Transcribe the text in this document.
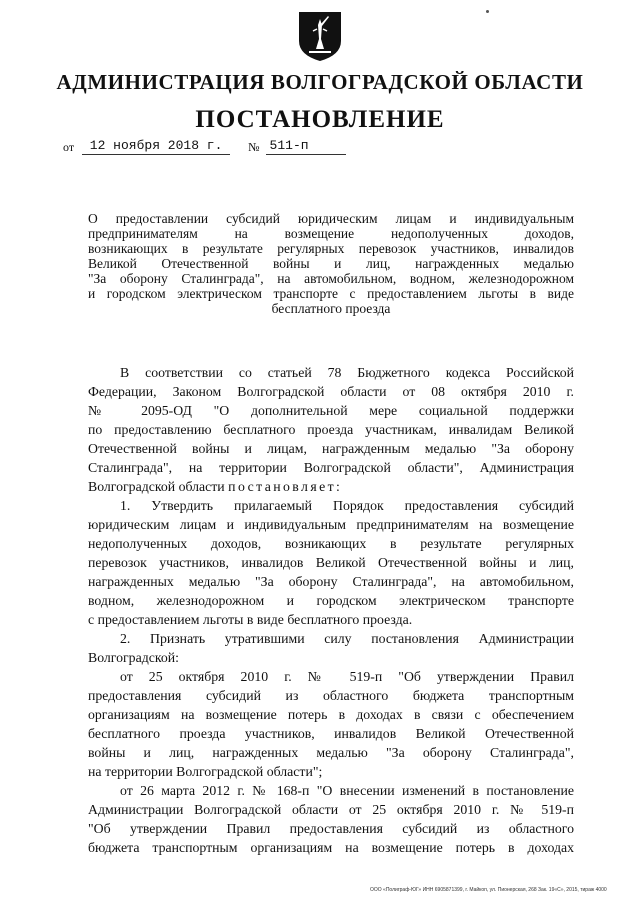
АДМИНИСТРАЦИЯ ВОЛГОГРАДСКОЙ ОБЛАСТИ
ПОСТАНОВЛЕНИЕ
от	12 ноября 2018 г.	№ 511-п
О предоставлении субсидий юридическим лицам и индивидуальным
предпринимателям на возмещение недополученных доходов,
возникающих в результате регулярных перевозок участников, инвалидов
Великой Отечественной войны и лиц, награжденных медалью
"За оборону Сталинграда", на автомобильном, водном, железнодорожном
и городском электрическом транспорте с предоставлением льготы в виде
бесплатного проезда
В соответствии со статьей 78 Бюджетного кодекса Российской
Федерации, Законом Волгоградской области от 08 октября 2010 г.
№ 2095-ОД "О дополнительной мере социальной поддержки
по предоставлению бесплатного проезда участникам, инвалидам Великой
Отечественной войны и лицам, награжденным медалью "За оборону
Сталинграда", на территории Волгоградской области", Администрация
Волгоградской области постановляет:
1. Утвердить прилагаемый Порядок предоставления субсидий
юридическим лицам и индивидуальным предпринимателям на возмещение
недополученных доходов, возникающих в результате регулярных
перевозок участников, инвалидов Великой Отечественной войны и лиц,
награжденных медалью "За оборону Сталинграда", на автомобильном,
водном, железнодорожном и городском электрическом транспорте
с предоставлением льготы в виде бесплатного проезда.
2. Признать утратившими силу постановления Администрации
Волгоградской:
от 25 октября 2010 г. № 519-п "Об утверждении Правил
предоставления субсидий из областного бюджета транспортным
организациям на возмещение потерь в доходах в связи с обеспечением
бесплатного проезда участников, инвалидов Великой Отечественной
войны и лиц, награжденных медалью "За оборону Сталинграда",
на территории Волгоградской области";
от 26 марта 2012 г. № 168-п "О внесении изменений в постановление
Администрации Волгоградской области от 25 октября 2010 г. № 519-п
"Об утверждении Правил предоставления субсидий из областного
бюджета транспортным организациям на возмещение потерь в доходах
ООО «Полиграф-ЮГ» ИНН 6905871399, г. Майкоп, ул. Пионерская, 268 Зак. 19«С», 2015, тираж 4000
